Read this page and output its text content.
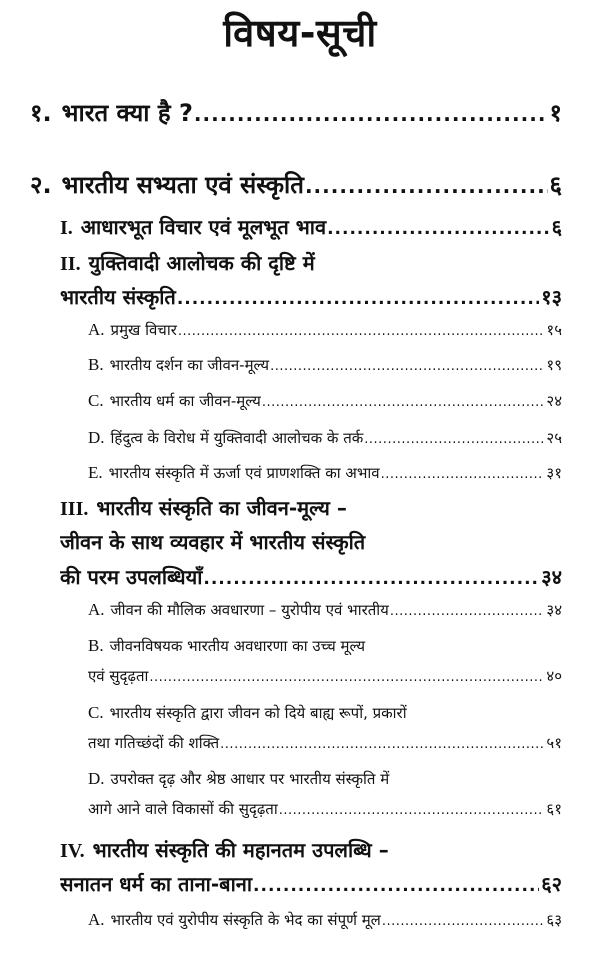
विषय-सूची
१. भारत क्या है ? .....	१
२. भारतीय सभ्यता एवं संस्कृति .....	६
I. आधारभूत विचार एवं मूलभूत भाव .....	६
II. युक्तिवादी आलोचक की दृष्टि में
भारतीय संस्कृति .....	१३
A. प्रमुख विचार .....	१५
B. भारतीय दर्शन का जीवन-मूल्य .....	१९
C. भारतीय धर्म का जीवन-मूल्य .....	२४
D. हिंदुत्व के विरोध में युक्तिवादी आलोचक के तर्क .....	२५
E. भारतीय संस्कृति में ऊर्जा एवं प्राणशक्ति का अभाव .....	३१
III. भारतीय संस्कृति का जीवन-मूल्य –
जीवन के साथ व्यवहार में भारतीय संस्कृति
की परम उपलब्धियाँ .....	३४
A. जीवन की मौलिक अवधारणा – युरोपीय एवं भारतीय .....	३४
B. जीवनविषयक भारतीय अवधारणा का उच्च मूल्य
एवं सुदृढ़ता .....	४०
C. भारतीय संस्कृति द्वारा जीवन को दिये बाह्य रूपों, प्रकारों
तथा गतिच्छंदों की शक्ति .....	५१
D. उपरोक्त दृढ़ और श्रेष्ठ आधार पर भारतीय संस्कृति में
आगे आने वाले विकासों की सुदृढ़ता .....	६१
IV. भारतीय संस्कृति की महानतम उपलब्धि –
सनातन धर्म का ताना-बाना .....	६२
A. भारतीय एवं युरोपीय संस्कृति के भेद का संपूर्ण मूल .....	६३
